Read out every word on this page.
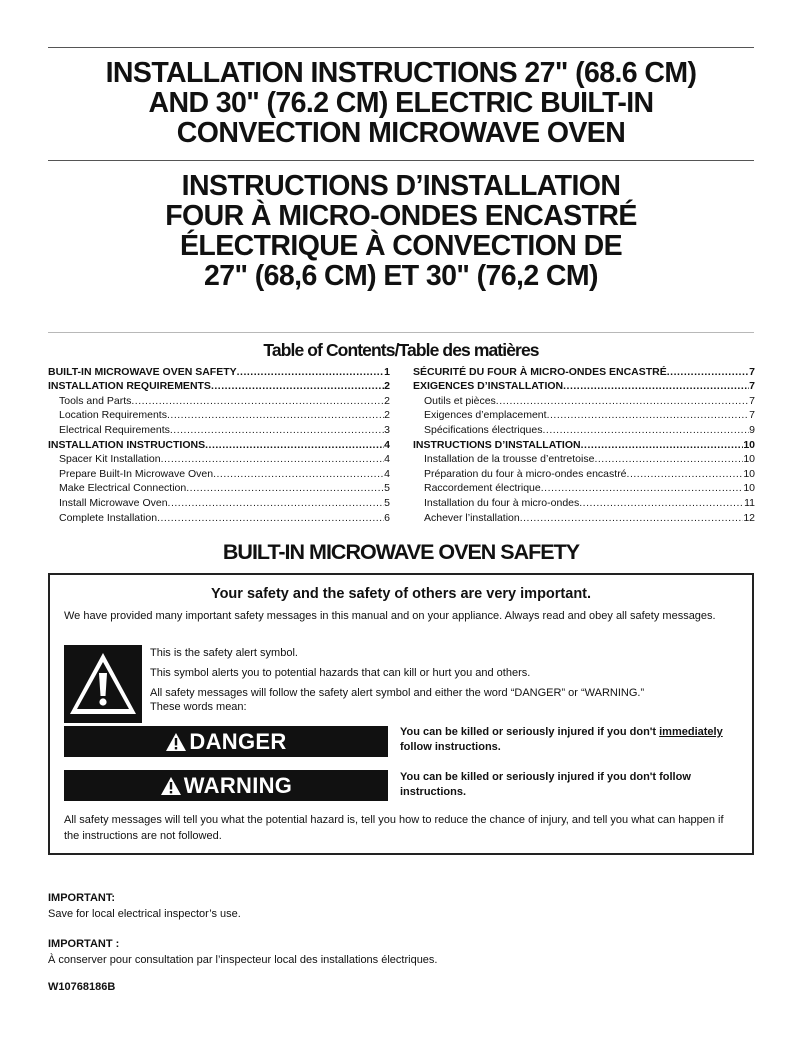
INSTALLATION INSTRUCTIONS 27" (68.6 CM)
AND 30" (76.2 CM) ELECTRIC BUILT-IN
CONVECTION MICROWAVE OVEN
INSTRUCTIONS D’INSTALLATION
FOUR À MICRO-ONDES ENCASTRÉ
ÉLECTRIQUE À CONVECTION DE
27" (68,6 CM) ET 30" (76,2 CM)
Table of Contents/Table des matières
BUILT-IN MICROWAVE OVEN SAFETY .....	1
INSTALLATION REQUIREMENTS .....	2
Tools and Parts .....	2
Location Requirements .....	2
Electrical Requirements .....	3
INSTALLATION INSTRUCTIONS .....	4
Spacer Kit Installation .....	4
Prepare Built-In Microwave Oven .....	4
Make Electrical Connection .....	5
Install Microwave Oven .....	5
Complete Installation .....	6
SÉCURITÉ DU FOUR À MICRO-ONDES ENCASTRÉ .....	7
EXIGENCES D’INSTALLATION .....	7
Outils et pièces .....	7
Exigences d’emplacement .....	7
Spécifications électriques .....	9
INSTRUCTIONS D’INSTALLATION .....	10
Installation de la trousse d’entretoise .....	10
Préparation du four à micro-ondes encastré .....	10
Raccordement électrique .....	10
Installation du four à micro-ondes .....	11
Achever l’installation .....	12
BUILT-IN MICROWAVE OVEN SAFETY
Your safety and the safety of others are very important.
We have provided many important safety messages in this manual and on your appliance. Always read and obey all safety messages.
This is the safety alert symbol.
This symbol alerts you to potential hazards that can kill or hurt you and others.
All safety messages will follow the safety alert symbol and either the word “DANGER” or “WARNING.”
These words mean:
DANGER	You can be killed or seriously injured if you don't immediately follow instructions.
WARNING	You can be killed or seriously injured if you don't follow instructions.
All safety messages will tell you what the potential hazard is, tell you how to reduce the chance of injury, and tell you what can happen if the instructions are not followed.
IMPORTANT:
Save for local electrical inspector’s use.
IMPORTANT :
À conserver pour consultation par l’inspecteur local des installations électriques.
W10768186B
